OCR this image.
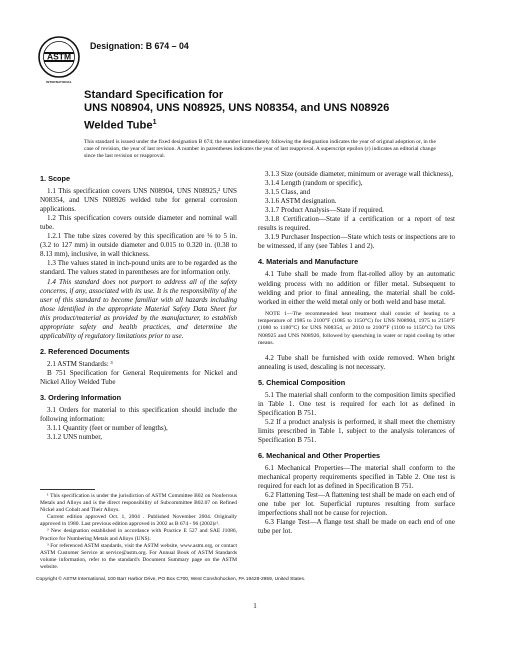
ASTM
INTERNATIONAL
Designation: B 674 – 04
Standard Specification for
UNS N08904, UNS N08925, UNS N08354, and UNS N08926
Welded Tube$^1$
This standard is issued under the fixed designation B 674; the number immediately following the designation indicates the year of original adoption or, in the case of revision, the year of last revision. A number in parentheses indicates the year of last reapproval. A superscript epsilon (ε) indicates an editorial change since the last revision or reapproval.
1. Scope

1.1 This specification covers UNS N08904, UNS N08925,² UNS N08354, and UNS N08926 welded tube for general corrosion applications.

1.2 This specification covers outside diameter and nominal wall tube.

1.2.1 The tube sizes covered by this specification are ⅛ to 5 in. (3.2 to 127 mm) in outside diameter and 0.015 to 0.320 in. (0.38 to 8.13 mm), inclusive, in wall thickness.

1.3 The values stated in inch-pound units are to be regarded as the standard. The values stated in parentheses are for information only.

1.4 This standard does not purport to address all of the safety concerns, if any, associated with its use. It is the responsibility of the user of this standard to become familiar with all hazards including those identified in the appropriate Material Safety Data Sheet for this product/material as provided by the manufacturer, to establish appropriate safety and health practices, and determine the applicability of regulatory limitations prior to use.

2. Referenced Documents

2.1 ASTM Standards: ³

B 751 Specification for General Requirements for Nickel and Nickel Alloy Welded Tube

3. Ordering Information

3.1 Orders for material to this specification should include the following information:

3.1.1 Quantity (feet or number of lengths),

3.1.2 UNS number,

¹ This specification is under the jurisdiction of ASTM Committee B02 on Nonferrous Metals and Alloys and is the direct responsibility of Subcommittee B02.07 on Refined Nickel and Cobalt and Their Alloys.

Current edition approved Oct. 1, 2004 . Published November 2004. Originally approved in 1980. Last previous edition approved in 2002 as B 674 - 96 (2002)ε¹.

² New designation established in accordance with Practice E 527 and SAE J1086, Practice for Numbering Metals and Alloys (UNS).

³ For referenced ASTM standards, visit the ASTM website, www.astm.org, or contact ASTM Customer Service at service@astm.org. For Annual Book of ASTM Standards volume information, refer to the standard's Document Summary page on the ASTM website.

3.1.3 Size (outside diameter, minimum or average wall thickness),

3.1.4 Length (random or specific),

3.1.5 Class, and

3.1.6 ASTM designation.

3.1.7 Product Analysis—State if required.

3.1.8 Certification—State if a certification or a report of test results is required.

3.1.9 Purchaser Inspection—State which tests or inspections are to be witnessed, if any (see Tables 1 and 2).

4. Materials and Manufacture

4.1 Tube shall be made from flat-rolled alloy by an automatic welding process with no addition or filler metal. Subsequent to welding and prior to final annealing, the material shall be cold-worked in either the weld metal only or both weld and base metal.

NOTE 1—The recommended heat treatment shall consist of heating to a temperature of 1985 to 2100°F (1085 to 1150°C) for UNS N08904, 1975 to 2150°F (1080 to 1180°C) for UNS N08354, or 2010 to 2100°F (1100 to 1150°C) for UNS N08925 and UNS N08926, followed by quenching in water or rapid cooling by other means.

4.2 Tube shall be furnished with oxide removed. When bright annealing is used, descaling is not necessary.

5. Chemical Composition

5.1 The material shall conform to the composition limits specified in Table 1. One test is required for each lot as defined in Specification B 751.

5.2 If a product analysis is performed, it shall meet the chemistry limits prescribed in Table 1, subject to the analysis tolerances of Specification B 751.

6. Mechanical and Other Properties

6.1 Mechanical Properties—The material shall conform to the mechanical property requirements specified in Table 2. One test is required for each lot as defined in Specification B 751.

6.2 Flattening Test—A flattening test shall be made on each end of one tube per lot. Superficial ruptures resulting from surface imperfections shall not be cause for rejection.

6.3 Flange Test—A flange test shall be made on each end of one tube per lot.

Copyright © ASTM International, 100 Barr Harbor Drive, PO Box C700, West Conshohocken, PA 19428-2959, United States.
1
